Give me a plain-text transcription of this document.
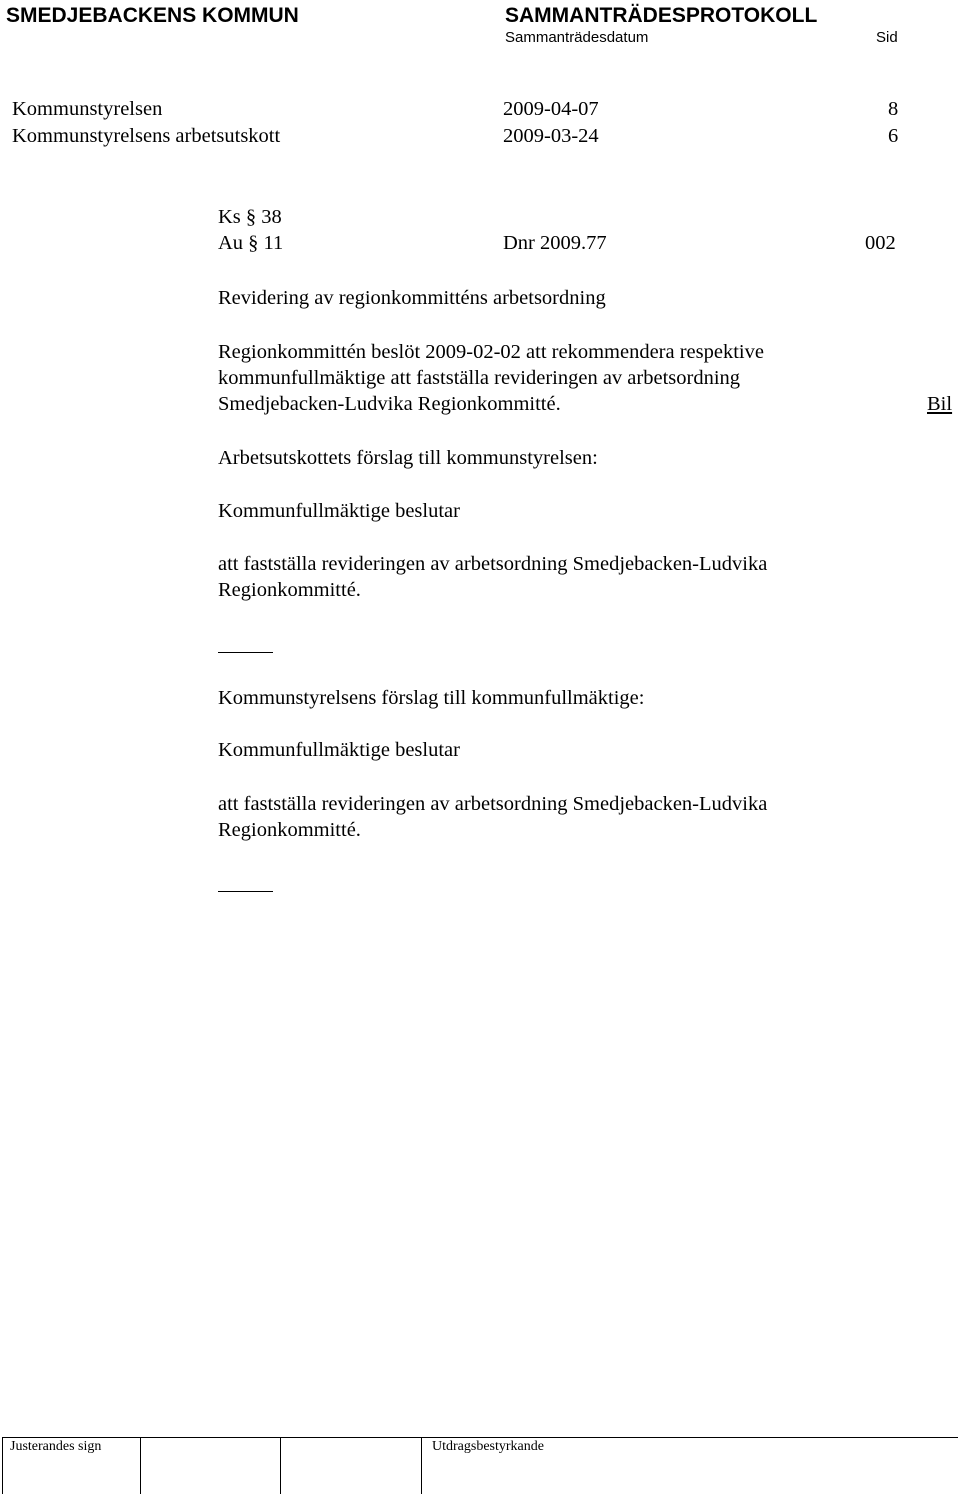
SMEDJEBACKENS KOMMUN	SAMMANTRÄDESPROTOKOLL
Sammanträdesdatum	Sid
Kommunstyrelsen	2009-04-07	8
Kommunstyrelsens arbetsutskott	2009-03-24	6
Ks § 38
Au § 11	Dnr 2009.77	002
Revidering av regionkommitténs arbetsordning
Regionkommittén beslöt 2009-02-02 att rekommendera respektive
kommunfullmäktige att fastställa revideringen av arbetsordning
Smedjebacken-Ludvika Regionkommitté.	Bil
Arbetsutskottets förslag till kommunstyrelsen:
Kommunfullmäktige beslutar
att fastställa revideringen av arbetsordning Smedjebacken-Ludvika
Regionkommitté.
Kommunstyrelsens förslag till kommunfullmäktige:
Kommunfullmäktige beslutar
att fastställa revideringen av arbetsordning Smedjebacken-Ludvika
Regionkommitté.
Justerandes sign	Utdragsbestyrkande
